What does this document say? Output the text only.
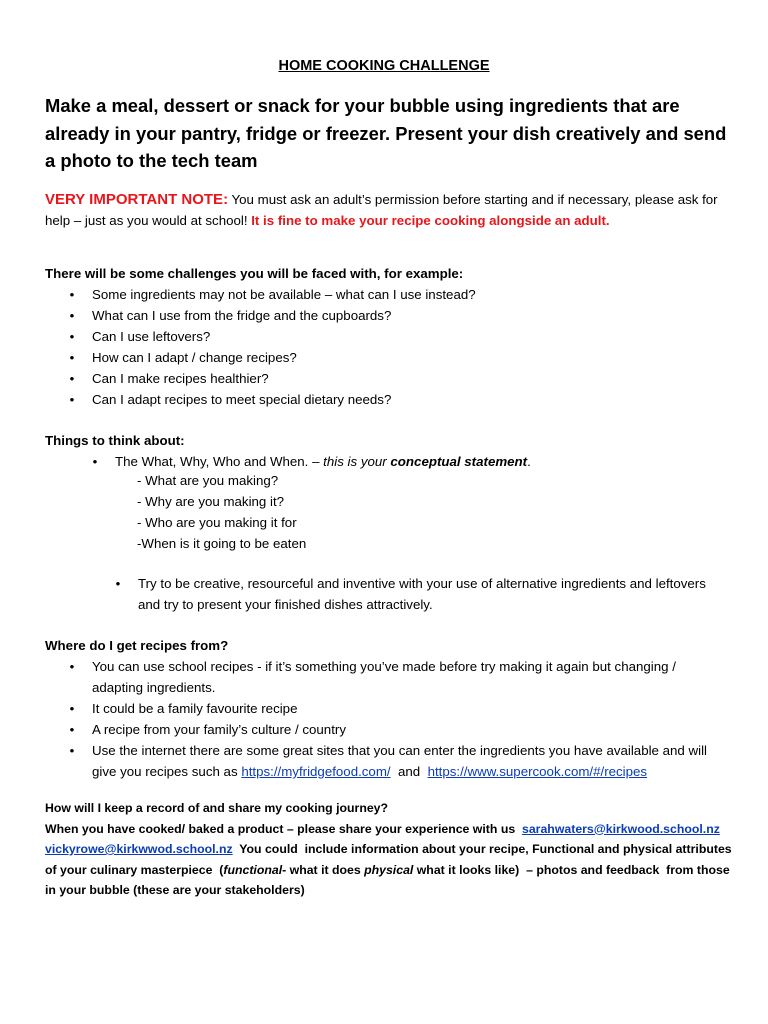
HOME COOKING CHALLENGE
Make a meal, dessert or snack for your bubble using ingredients that are already in your pantry, fridge or freezer. Present your dish creatively and send a photo to the tech team
VERY IMPORTANT NOTE: You must ask an adult’s permission before starting and if necessary, please ask for help – just as you would at school! It is fine to make your recipe cooking alongside an adult.
There will be some challenges you will be faced with, for example:
• Some ingredients may not be available – what can I use instead?
• What can I use from the fridge and the cupboards?
• Can I use leftovers?
• How can I adapt / change recipes?
• Can I make recipes healthier?
• Can I adapt recipes to meet special dietary needs?
Things to think about:
• The What, Why, Who and When. – this is your conceptual statement.
- What are you making?
- Why are you making it?
- Who are you making it for
-When is it going to be eaten
• Try to be creative, resourceful and inventive with your use of alternative ingredients and leftovers and try to present your finished dishes attractively.
Where do I get recipes from?
• You can use school recipes - if it’s something you’ve made before try making it again but changing / adapting ingredients.
• It could be a family favourite recipe
• A recipe from your family’s culture / country
• Use the internet there are some great sites that you can enter the ingredients you have available and will give you recipes such as https://myfridgefood.com/  and  https://www.supercook.com/#/recipes
How will I keep a record of and share my cooking journey?
When you have cooked/ baked a product – please share your experience with us  sarahwaters@kirkwood.school.nz vickyrowe@kirkwwod.school.nz  You could  include information about your recipe, Functional and physical attributes of your culinary masterpiece  (functional- what it does physical what it looks like)  – photos and feedback  from those in your bubble (these are your stakeholders)
